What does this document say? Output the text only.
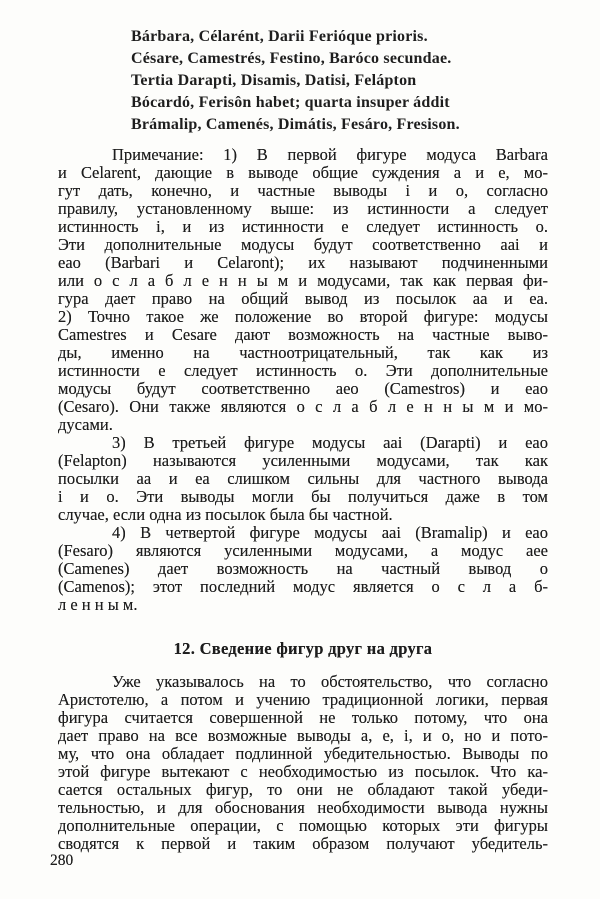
Bárbara, Célarént, Darii Ferióque prioris.
Césare, Camestrés, Festino, Baróco secundae.
Tertia Darapti, Disamis, Datisi, Felápton
Bócardó, Ferisôn habet; quarta insuper áddit
Brámalip, Camenés, Dimátis, Fesáro, Fresison.
Примечание: 1) В первой фигуре модуса Barbara
и Celarent, дающие в выводе общие суждения a и e, мо-
гут дать, конечно, и частные выводы i и o, согласно
правилу, установленному выше: из истинности a следует
истинность i, и из истинности e следует истинность o.
Эти дополнительные модусы будут соответственно aai и
eao (Barbari и Celaront); их называют подчиненными
или о с л а б л е н н ы м и модусами, так как первая фи-
гура дает право на общий вывод из посылок aa и ea.
2) Точно такое же положение во второй фигуре: модусы
Camestres и Cesare дают возможность на частные выво-
ды, именно на частноотрицательный, так как из
истинности e следует истинность o. Эти дополнительные
модусы будут соответственно aeo (Camestros) и eao
(Cesaro). Они также являются о с л а б л е н н ы м и мо-
дусами.
3) В третьей фигуре модусы aai (Darapti) и eao
(Felapton) называются усиленными модусами, так как
посылки aa и ea слишком сильны для частного вывода
i и o. Эти выводы могли бы получиться даже в том
случае, если одна из посылок была бы частной.
4) В четвертой фигуре модусы aai (Bramalip) и eao
(Fesaro) являются усиленными модусами, а модус aee
(Camenes) дает возможность на частный вывод o
(Camenos); этот последний модус является о с л а б-
л е н н ы м.
12. Сведение фигур друг на друга
Уже указывалось на то обстоятельство, что согласно
Аристотелю, а потом и учению традиционной логики, первая
фигура считается совершенной не только потому, что она
дает право на все возможные выводы a, e, i, и o, но и пото-
му, что она обладает подлинной убедительностью. Выводы по
этой фигуре вытекают с необходимостью из посылок. Что ка-
сается остальных фигур, то они не обладают такой убеди-
тельностью, и для обоснования необходимости вывода нужны
дополнительные операции, с помощью которых эти фигуры
сводятся к первой и таким образом получают убедитель-
280
